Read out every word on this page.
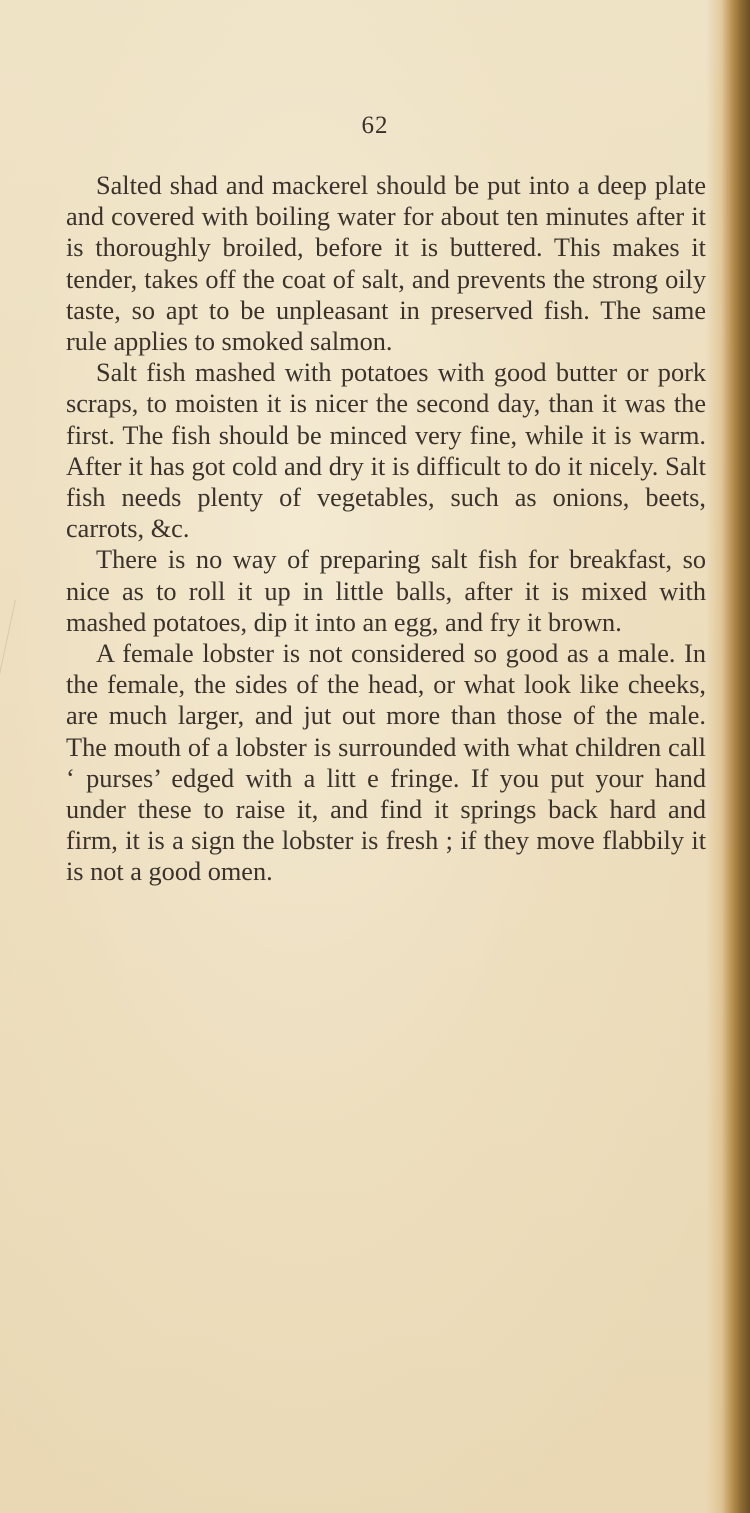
62

Salted shad and mackerel should be put into a deep plate and covered with boiling water for about ten minutes after it is thoroughly broiled, before it is buttered. This makes it tender, takes off the coat of salt, and prevents the strong oily taste, so apt to be unpleasant in preserved fish. The same rule applies to smoked salmon.

Salt fish mashed with potatoes with good butter or pork scraps, to moisten it is nicer the second day, than it was the first. The fish should be minced very fine, while it is warm. After it has got cold and dry it is difficult to do it nicely. Salt fish needs plenty of vegetables, such as onions, beets, carrots, &c.

There is no way of preparing salt fish for breakfast, so nice as to roll it up in little balls, after it is mixed with mashed potatoes, dip it into an egg, and fry it brown.

A female lobster is not considered so good as a male. In the female, the sides of the head, or what look like cheeks, are much larger, and jut out more than those of the male. The mouth of a lobster is surrounded with what children call ‘ purses’ edged with a litt e fringe. If you put your hand under these to raise it, and find it springs back hard and firm, it is a sign the lobster is fresh ; if they move flabbily it is not a good omen.
